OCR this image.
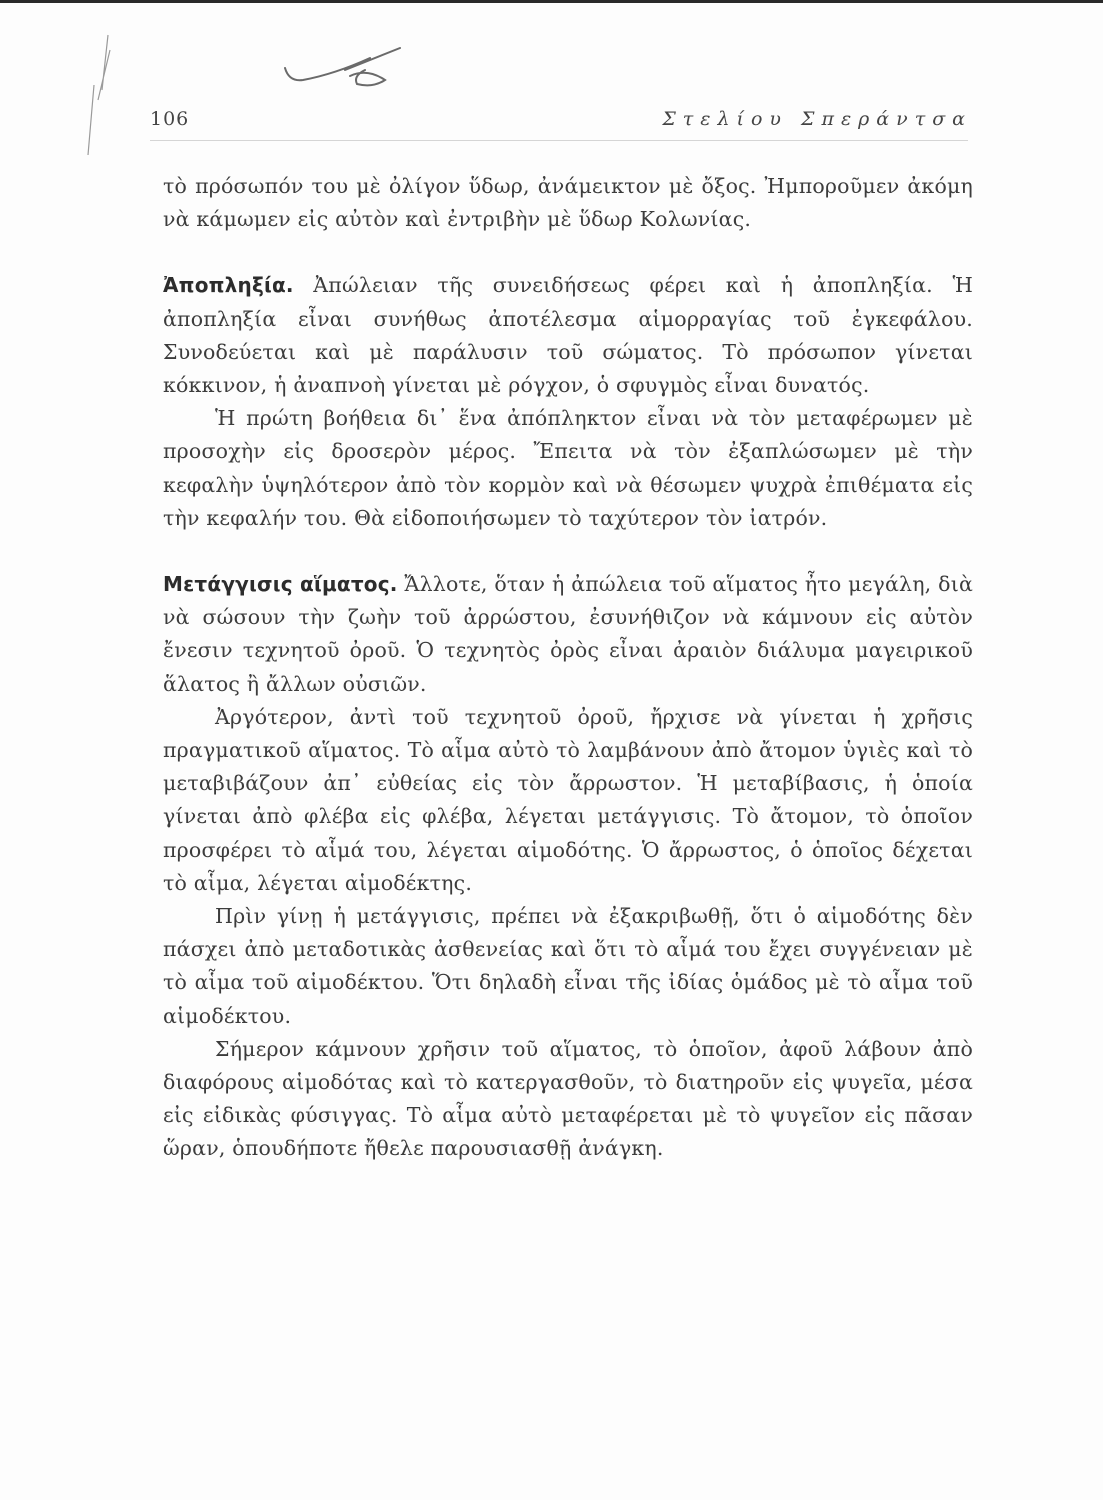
106	Στελίου Σπεράντσα

τὸ πρόσωπόν του μὲ ὀλίγον ὕδωρ, ἀνάμεικτον μὲ ὄξος. Ἠμποροῦμεν ἀκόμη νὰ κάμωμεν εἰς αὐτὸν καὶ ἐντριβὴν μὲ ὕδωρ Κολωνίας.

Ἀποπληξία. Ἀπώλειαν τῆς συνειδήσεως φέρει καὶ ἡ ἀποπληξία. Ἡ ἀποπληξία εἶναι συνήθως ἀποτέλεσμα αἱμορραγίας τοῦ ἐγκεφάλου. Συνοδεύεται καὶ μὲ παράλυσιν τοῦ σώματος. Τὸ πρόσωπον γίνεται κόκκινον, ἡ ἀναπνοὴ γίνεται μὲ ρόγχον, ὁ σφυγμὸς εἶναι δυνατός.

Ἡ πρώτη βοήθεια δι᾿ ἕνα ἀπόπληκτον εἶναι νὰ τὸν μεταφέρωμεν μὲ προσοχὴν εἰς δροσερὸν μέρος. Ἔπειτα νὰ τὸν ἐξαπλώσωμεν μὲ τὴν κεφαλὴν ὑψηλότερον ἀπὸ τὸν κορμὸν καὶ νὰ θέσωμεν ψυχρὰ ἐπιθέματα εἰς τὴν κεφαλήν του. Θὰ εἰδοποιήσωμεν τὸ ταχύτερον τὸν ἰατρόν.

Μετάγγισις αἵματος. Ἄλλοτε, ὅταν ἡ ἀπώλεια τοῦ αἵματος ἦτο μεγάλη, διὰ νὰ σώσουν τὴν ζωὴν τοῦ ἀρρώστου, ἐσυνήθιζον νὰ κάμνουν εἰς αὐτὸν ἔνεσιν τεχνητοῦ ὀροῦ. Ὁ τεχνητὸς ὀρὸς εἶναι ἀραιὸν διάλυμα μαγειρικοῦ ἅλατος ἢ ἄλλων οὐσιῶν.

Ἀργότερον, ἀντὶ τοῦ τεχνητοῦ ὀροῦ, ἤρχισε νὰ γίνεται ἡ χρῆσις πραγματικοῦ αἵματος. Τὸ αἷμα αὐτὸ τὸ λαμβάνουν ἀπὸ ἄτομον ὑγιὲς καὶ τὸ μεταβιβάζουν ἀπ᾿ εὐθείας εἰς τὸν ἄρρωστον. Ἡ μεταβίβασις, ἡ ὁποία γίνεται ἀπὸ φλέβα εἰς φλέβα, λέγεται μετάγγισις. Τὸ ἄτομον, τὸ ὁποῖον προσφέρει τὸ αἷμά του, λέγεται αἱμοδότης. Ὁ ἄρρωστος, ὁ ὁποῖος δέχεται τὸ αἷμα, λέγεται αἱμοδέκτης.

Πρὶν γίνῃ ἡ μετάγγισις, πρέπει νὰ ἐξακριβωθῇ, ὅτι ὁ αἱμοδότης δὲν πάσχει ἀπὸ μεταδοτικὰς ἀσθενείας καὶ ὅτι τὸ αἷμά του ἔχει συγγένειαν μὲ τὸ αἷμα τοῦ αἱμοδέκτου. Ὅτι δηλαδὴ εἶναι τῆς ἰδίας ὁμάδος μὲ τὸ αἷμα τοῦ αἱμοδέκτου.

Σήμερον κάμνουν χρῆσιν τοῦ αἵματος, τὸ ὁποῖον, ἀφοῦ λάβουν ἀπὸ διαφόρους αἱμοδότας καὶ τὸ κατεργασθοῦν, τὸ διατηροῦν εἰς ψυγεῖα, μέσα εἰς εἰδικὰς φύσιγγας. Τὸ αἷμα αὐτὸ μεταφέρεται μὲ τὸ ψυγεῖον εἰς πᾶσαν ὥραν, ὁπουδήποτε ἤθελε παρουσιασθῇ ἀνάγκη.
